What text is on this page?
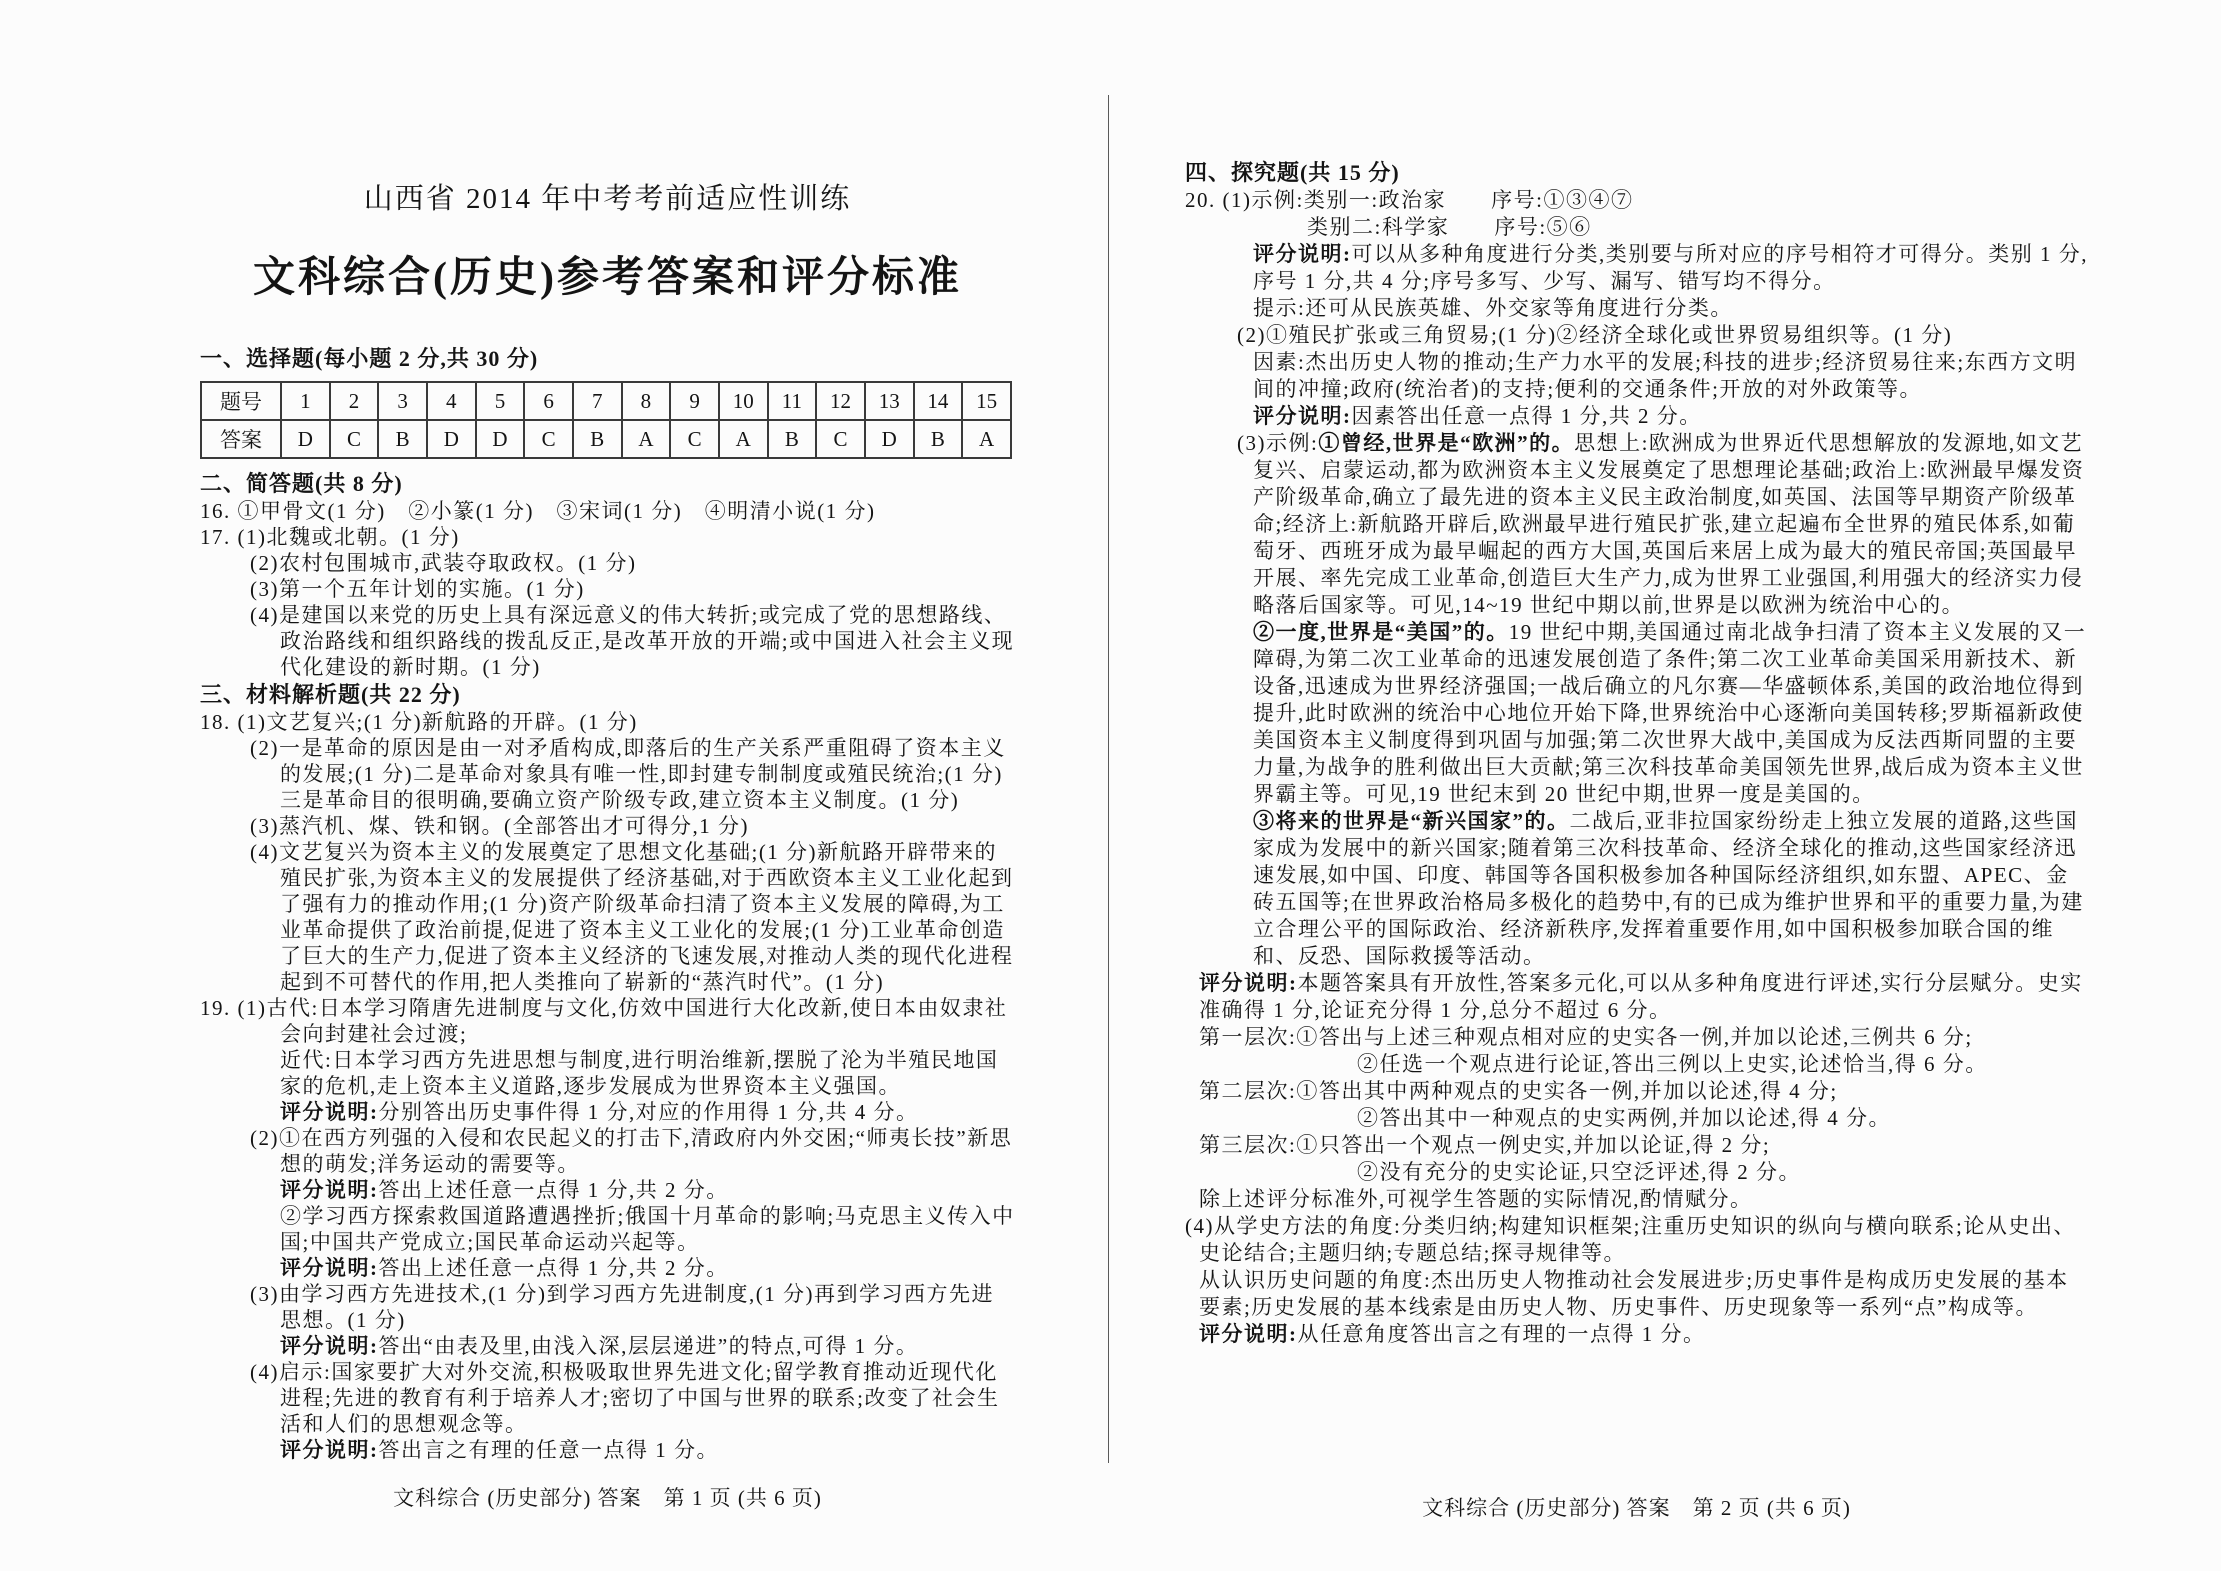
山西省 2014 年中考考前适应性训练
文科综合(历史)参考答案和评分标准

一、选择题(每小题 2 分,共 30 分)

题号	1	2	3	4	5	6	7	8	9	10	11	12	13	14	15
答案	D	C	B	D	D	C	B	A	C	A	B	C	D	B	A

二、简答题(共 8 分)

16. ①甲骨文(1 分)　②小篆(1 分)　③宋词(1 分)　④明清小说(1 分)

17. (1)北魏或北朝。(1 分)

(2)农村包围城市,武装夺取政权。(1 分)

(3)第一个五年计划的实施。(1 分)

(4)是建国以来党的历史上具有深远意义的伟大转折;或完成了党的思想路线、政治路线和组织路线的拨乱反正,是改革开放的开端;或中国进入社会主义现代化建设的新时期。(1 分)

三、材料解析题(共 22 分)

18. (1)文艺复兴;(1 分)新航路的开辟。(1 分)

(2)一是革命的原因是由一对矛盾构成,即落后的生产关系严重阻碍了资本主义的发展;(1 分)二是革命对象具有唯一性,即封建专制制度或殖民统治;(1 分)三是革命目的很明确,要确立资产阶级专政,建立资本主义制度。(1 分)

(3)蒸汽机、煤、铁和钢。(全部答出才可得分,1 分)

(4)文艺复兴为资本主义的发展奠定了思想文化基础;(1 分)新航路开辟带来的殖民扩张,为资本主义的发展提供了经济基础,对于西欧资本主义工业化起到了强有力的推动作用;(1 分)资产阶级革命扫清了资本主义发展的障碍,为工业革命提供了政治前提,促进了资本主义工业化的发展;(1 分)工业革命创造了巨大的生产力,促进了资本主义经济的飞速发展,对推动人类的现代化进程起到不可替代的作用,把人类推向了崭新的“蒸汽时代”。(1 分)

19. (1)古代:日本学习隋唐先进制度与文化,仿效中国进行大化改新,使日本由奴隶社会向封建社会过渡;

近代:日本学习西方先进思想与制度,进行明治维新,摆脱了沦为半殖民地国家的危机,走上资本主义道路,逐步发展成为世界资本主义强国。

评分说明:分别答出历史事件得 1 分,对应的作用得 1 分,共 4 分。

(2)①在西方列强的入侵和农民起义的打击下,清政府内外交困;“师夷长技”新思想的萌发;洋务运动的需要等。

评分说明:答出上述任意一点得 1 分,共 2 分。

②学习西方探索救国道路遭遇挫折;俄国十月革命的影响;马克思主义传入中国;中国共产党成立;国民革命运动兴起等。

评分说明:答出上述任意一点得 1 分,共 2 分。

(3)由学习西方先进技术,(1 分)到学习西方先进制度,(1 分)再到学习西方先进思想。(1 分)

评分说明:答出“由表及里,由浅入深,层层递进”的特点,可得 1 分。

(4)启示:国家要扩大对外交流,积极吸取世界先进文化;留学教育推动近现代化进程;先进的教育有利于培养人才;密切了中国与世界的联系;改变了社会生活和人们的思想观念等。

评分说明:答出言之有理的任意一点得 1 分。

四、探究题(共 15 分)

20. (1)示例:类别一:政治家　　序号:①③④⑦

类别二:科学家　　序号:⑤⑥

评分说明:可以从多种角度进行分类,类别要与所对应的序号相符才可得分。类别 1 分,序号 1 分,共 4 分;序号多写、少写、漏写、错写均不得分。

提示:还可从民族英雄、外交家等角度进行分类。

(2)①殖民扩张或三角贸易;(1 分)②经济全球化或世界贸易组织等。(1 分)

因素:杰出历史人物的推动;生产力水平的发展;科技的进步;经济贸易往来;东西方文明间的冲撞;政府(统治者)的支持;便利的交通条件;开放的对外政策等。

评分说明:因素答出任意一点得 1 分,共 2 分。

(3)示例:①曾经,世界是“欧洲”的。思想上:欧洲成为世界近代思想解放的发源地,如文艺复兴、启蒙运动,都为欧洲资本主义发展奠定了思想理论基础;政治上:欧洲最早爆发资产阶级革命,确立了最先进的资本主义民主政治制度,如英国、法国等早期资产阶级革命;经济上:新航路开辟后,欧洲最早进行殖民扩张,建立起遍布全世界的殖民体系,如葡萄牙、西班牙成为最早崛起的西方大国,英国后来居上成为最大的殖民帝国;英国最早开展、率先完成工业革命,创造巨大生产力,成为世界工业强国,利用强大的经济实力侵略落后国家等。可见,14~19 世纪中期以前,世界是以欧洲为统治中心的。

②一度,世界是“美国”的。19 世纪中期,美国通过南北战争扫清了资本主义发展的又一障碍,为第二次工业革命的迅速发展创造了条件;第二次工业革命美国采用新技术、新设备,迅速成为世界经济强国;一战后确立的凡尔赛—华盛顿体系,美国的政治地位得到提升,此时欧洲的统治中心地位开始下降,世界统治中心逐渐向美国转移;罗斯福新政使美国资本主义制度得到巩固与加强;第二次世界大战中,美国成为反法西斯同盟的主要力量,为战争的胜利做出巨大贡献;第三次科技革命美国领先世界,战后成为资本主义世界霸主等。可见,19 世纪末到 20 世纪中期,世界一度是美国的。

③将来的世界是“新兴国家”的。二战后,亚非拉国家纷纷走上独立发展的道路,这些国家成为发展中的新兴国家;随着第三次科技革命、经济全球化的推动,这些国家经济迅速发展,如中国、印度、韩国等各国积极参加各种国际经济组织,如东盟、APEC、金砖五国等;在世界政治格局多极化的趋势中,有的已成为维护世界和平的重要力量,为建立合理公平的国际政治、经济新秩序,发挥着重要作用,如中国积极参加联合国的维和、反恐、国际救援等活动。

评分说明:本题答案具有开放性,答案多元化,可以从多种角度进行评述,实行分层赋分。史实准确得 1 分,论证充分得 1 分,总分不超过 6 分。

第一层次:①答出与上述三种观点相对应的史实各一例,并加以论述,三例共 6 分;

②任选一个观点进行论证,答出三例以上史实,论述恰当,得 6 分。

第二层次:①答出其中两种观点的史实各一例,并加以论述,得 4 分;

②答出其中一种观点的史实两例,并加以论述,得 4 分。

第三层次:①只答出一个观点一例史实,并加以论证,得 2 分;

②没有充分的史实论证,只空泛评述,得 2 分。

除上述评分标准外,可视学生答题的实际情况,酌情赋分。

(4)从学史方法的角度:分类归纳;构建知识框架;注重历史知识的纵向与横向联系;论从史出、史论结合;主题归纳;专题总结;探寻规律等。

从认识历史问题的角度:杰出历史人物推动社会发展进步;历史事件是构成历史发展的基本要素;历史发展的基本线索是由历史人物、历史事件、历史现象等一系列“点”构成等。

评分说明:从任意角度答出言之有理的一点得 1 分。

文科综合 (历史部分) 答案　第 1 页 (共 6 页)	文科综合 (历史部分) 答案　第 2 页 (共 6 页)
